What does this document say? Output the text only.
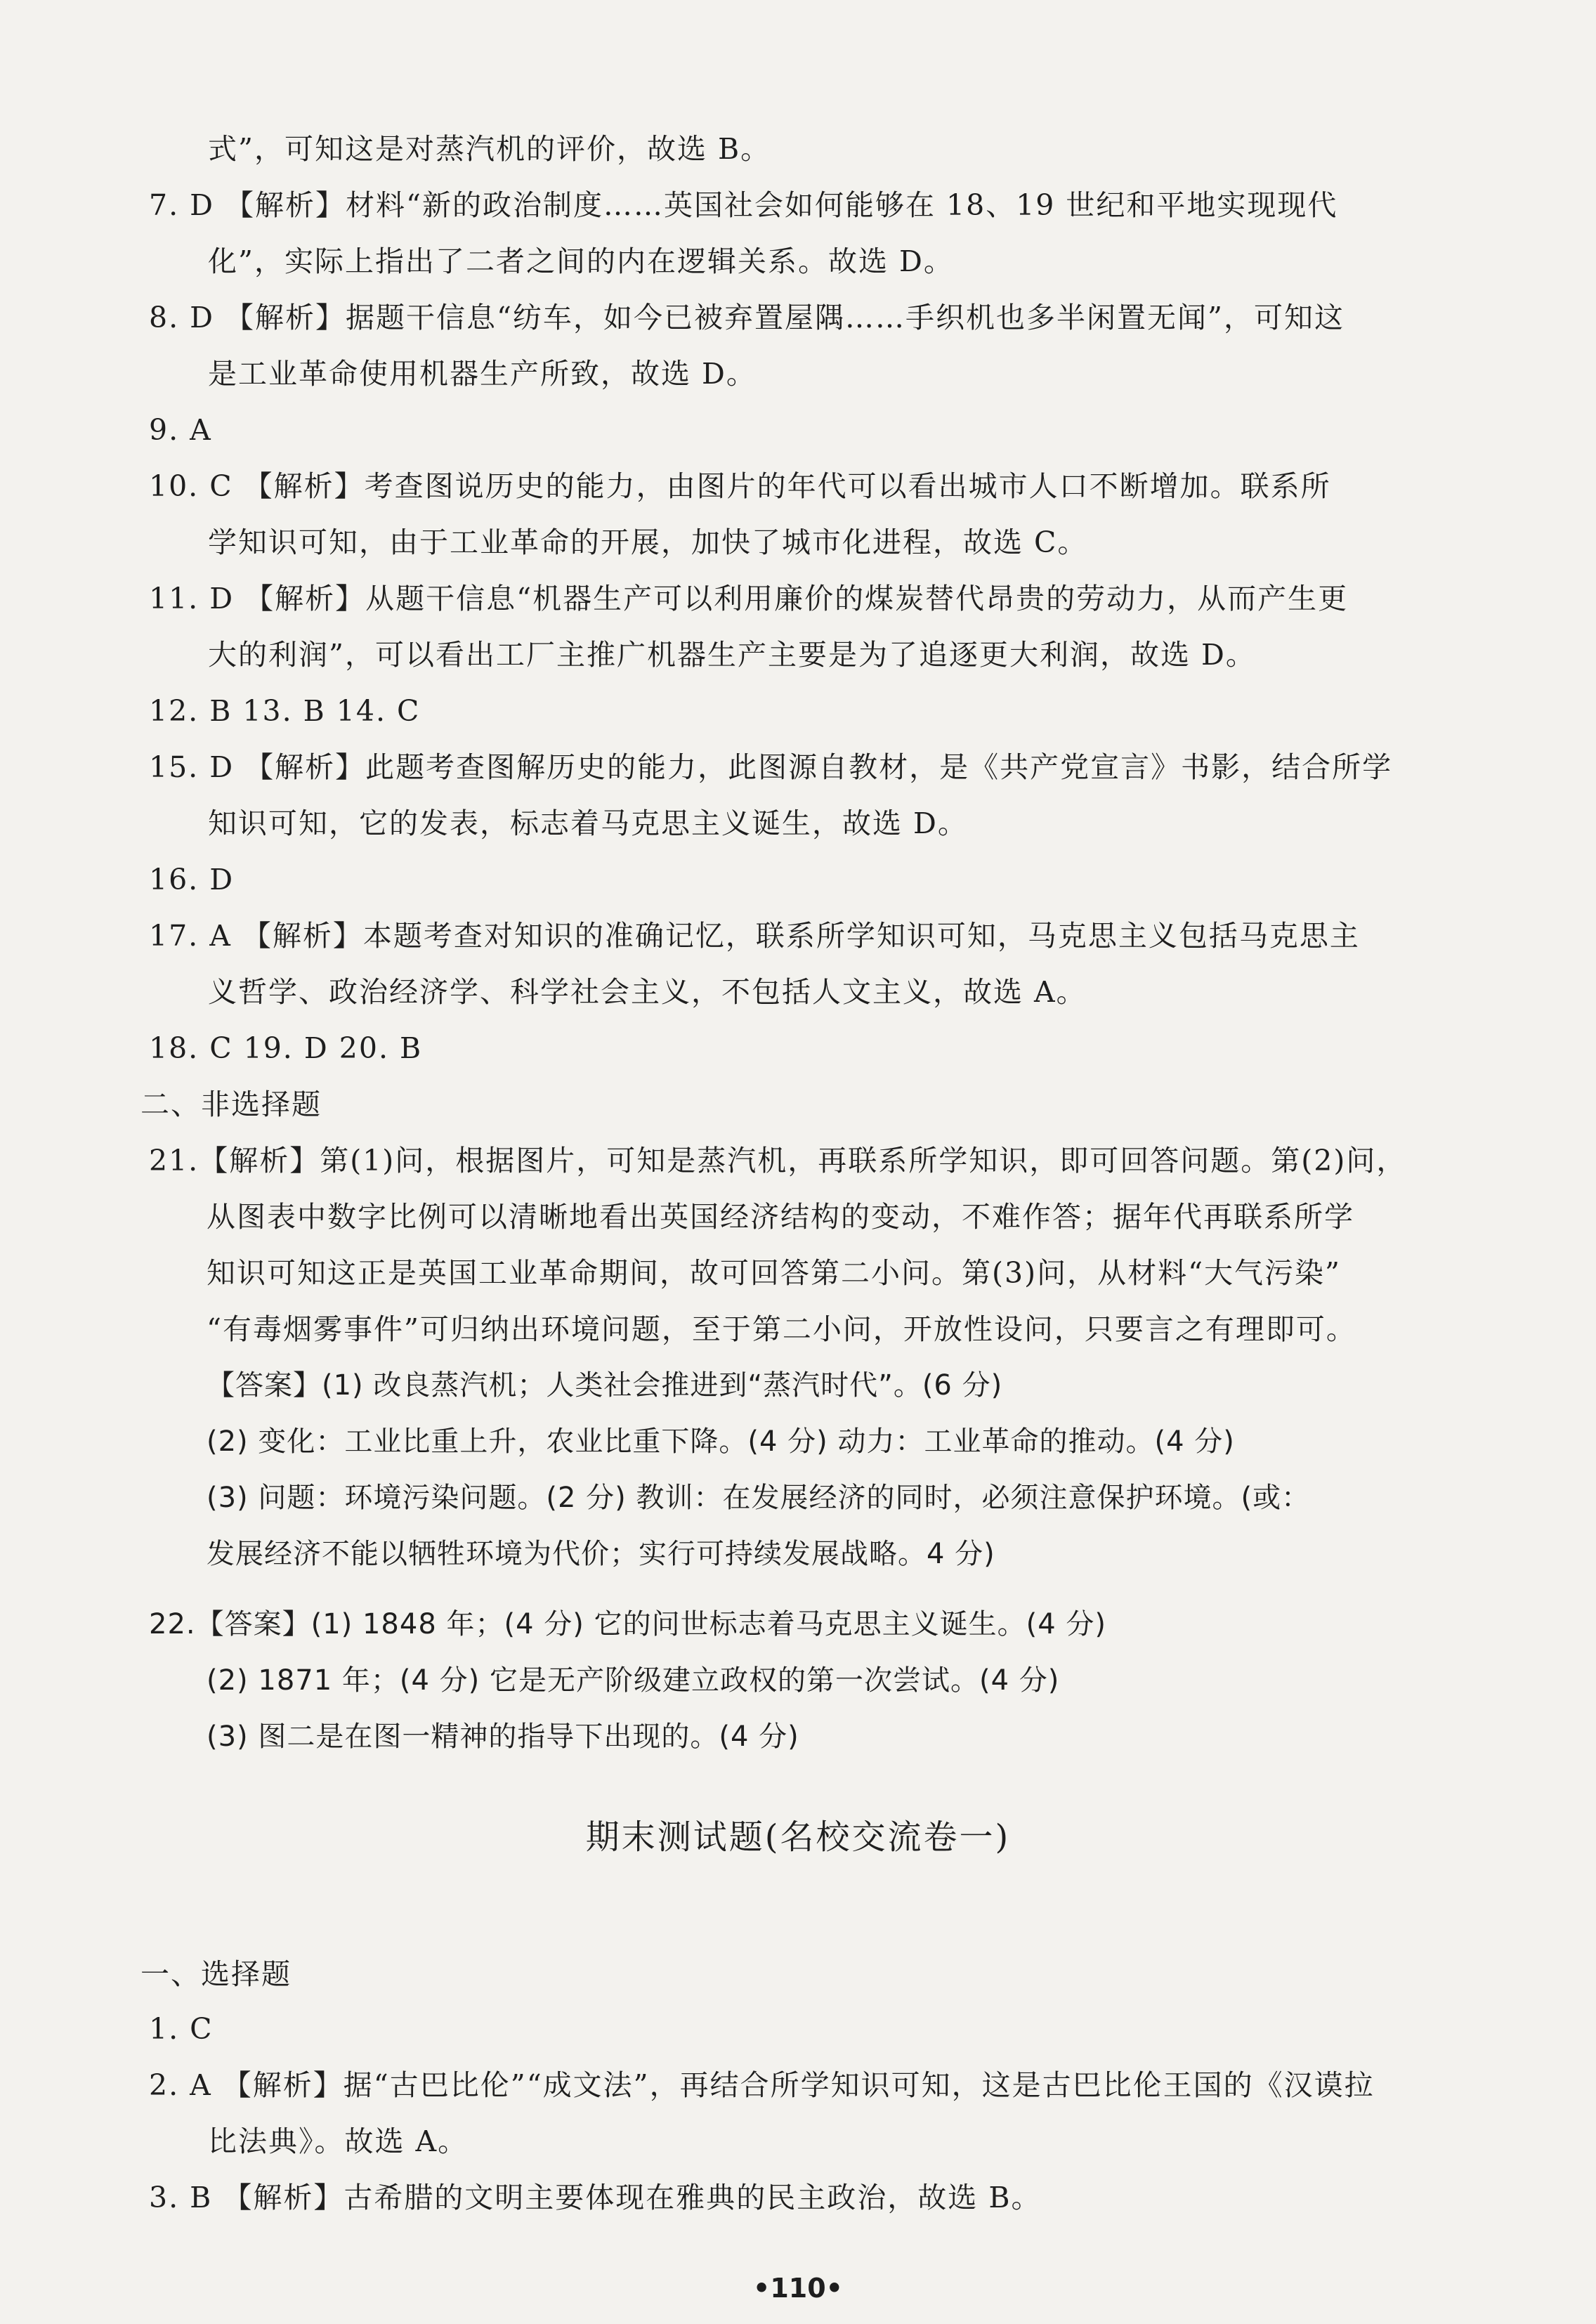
式”，可知这是对蒸汽机的评价，故选 B。
7. D 【解析】材料“新的政治制度……英国社会如何能够在 18、19 世纪和平地实现现代
化”，实际上指出了二者之间的内在逻辑关系。故选 D。
8. D 【解析】据题干信息“纺车，如今已被弃置屋隅……手织机也多半闲置无闻”，可知这
是工业革命使用机器生产所致，故选 D。
9. A
10. C 【解析】考查图说历史的能力，由图片的年代可以看出城市人口不断增加。联系所
学知识可知，由于工业革命的开展，加快了城市化进程，故选 C。
11. D 【解析】从题干信息“机器生产可以利用廉价的煤炭替代昂贵的劳动力，从而产生更
大的利润”，可以看出工厂主推广机器生产主要是为了追逐更大利润，故选 D。
12. B 13. B 14. C
15. D 【解析】此题考查图解历史的能力，此图源自教材，是《共产党宣言》书影，结合所学
知识可知，它的发表，标志着马克思主义诞生，故选 D。
16. D
17. A 【解析】本题考查对知识的准确记忆，联系所学知识可知，马克思主义包括马克思主
义哲学、政治经济学、科学社会主义，不包括人文主义，故选 A。
18. C 19. D 20. B
二、非选择题
21.【解析】第(1)问，根据图片，可知是蒸汽机，再联系所学知识，即可回答问题。第(2)问，
从图表中数字比例可以清晰地看出英国经济结构的变动，不难作答；据年代再联系所学
知识可知这正是英国工业革命期间，故可回答第二小问。第(3)问，从材料“大气污染”
“有毒烟雾事件”可归纳出环境问题，至于第二小问，开放性设问，只要言之有理即可。
【答案】(1) 改良蒸汽机；人类社会推进到“蒸汽时代”。(6 分)
(2) 变化：工业比重上升，农业比重下降。(4 分) 动力：工业革命的推动。(4 分)
(3) 问题：环境污染问题。(2 分) 教训：在发展经济的同时，必须注意保护环境。(或：
发展经济不能以牺牲环境为代价；实行可持续发展战略。4 分)
22.【答案】(1) 1848 年；(4 分) 它的问世标志着马克思主义诞生。(4 分)
(2) 1871 年；(4 分) 它是无产阶级建立政权的第一次尝试。(4 分)
(3) 图二是在图一精神的指导下出现的。(4 分)
期末测试题(名校交流卷一)
一、选择题
1. C
2. A 【解析】据“古巴比伦”“成文法”，再结合所学知识可知，这是古巴比伦王国的《汉谟拉
比法典》。故选 A。
3. B 【解析】古希腊的文明主要体现在雅典的民主政治，故选 B。
•110•
